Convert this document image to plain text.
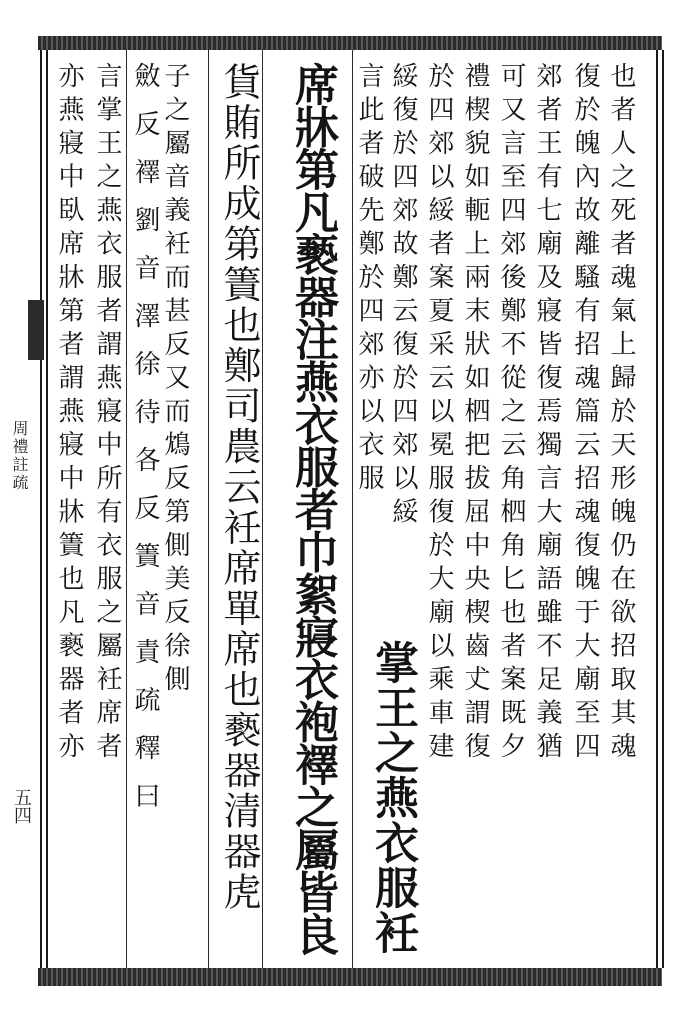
周禮註疏
五四
也者人之死者魂氣上歸於天形魄仍在欲招取其魂
復於魄內故離騷有招魂篇云招魂復魄于大廟至四
郊者王有七廟及寢皆復焉獨言大廟語雖不足義猶
可又言至四郊後鄭不從之云角柶角匕也者案既夕
禮楔貌如軛上兩末狀如柶把拔屈中央楔齒𠀋謂復
於四郊以綏者案夏采云以冕服復於大廟以乘車建
綏復於四郊故鄭云復於四郊以綏
掌王之燕衣服衽
言此者破先鄭於四郊亦以衣服
席牀第凡褻器注燕衣服者巾絮寢衣袍襗之屬皆良
貨賄所成第簀也鄭司農云衽席單席也褻器清器虎
子之屬音義衽而甚反又而鴆反第側美反徐側
斂反襗劉音澤徐待各反簀音責疏釋曰
言掌王之燕衣服者謂燕寢中所有衣服之屬衽席者
亦燕寢中臥席牀第者謂燕寢中牀簀也凡褻器者亦
